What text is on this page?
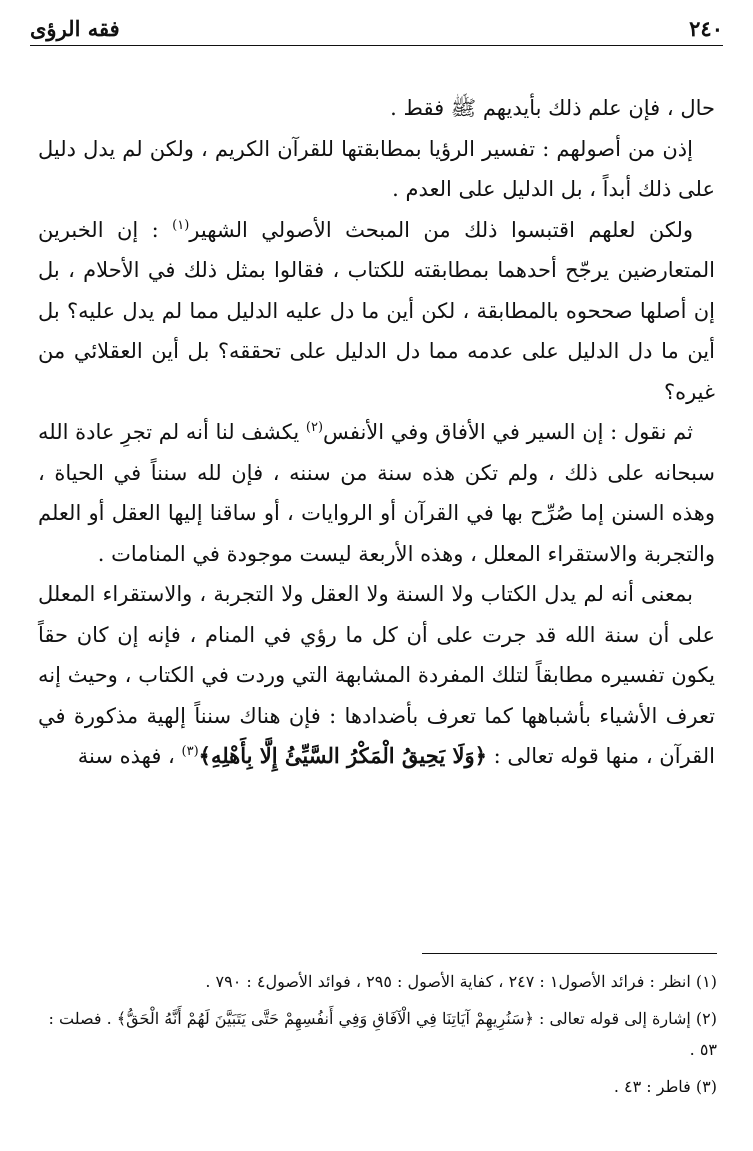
٢٤٠
فقه الرؤى

حال ، فإن علم ذلك بأيديهم ﷺ فقط .

إذن من أصولهم : تفسير الرؤيا بمطابقتها للقرآن الكريم ، ولكن لم يدل دليل على ذلك أبداً ، بل الدليل على العدم .

ولكن لعلهم اقتبسوا ذلك من المبحث الأصولي الشهير$^{(١)}$ : إن الخبرين المتعارضين يرجّح أحدهما بمطابقته للكتاب ، فقالوا بمثل ذلك في الأحلام ، بل إن أصلها صححوه بالمطابقة ، لكن أين ما دل عليه الدليل مما لم يدل عليه؟ بل أين ما دل الدليل على عدمه مما دل الدليل على تحققه؟ بل أين العقلائي من غيره؟

ثم نقول : إن السير في الأفاق وفي الأنفس$^{(٢)}$ يكشف لنا أنه لم تجرِ عادة الله سبحانه على ذلك ، ولم تكن هذه سنة من سننه ، فإن لله سنناً في الحياة ، وهذه السنن إما صُرِّح بها في القرآن أو الروايات ، أو ساقنا إليها العقل أو العلم والتجربة والاستقراء المعلل ، وهذه الأربعة ليست موجودة في المنامات .

بمعنى أنه لم يدل الكتاب ولا السنة ولا العقل ولا التجربة ، والاستقراء المعلل على أن سنة الله قد جرت على أن كل ما رؤي في المنام ، فإنه إن كان حقاً يكون تفسيره مطابقاً لتلك المفردة المشابهة التي وردت في الكتاب ، وحيث إنه تعرف الأشياء بأشباهها كما تعرف بأضدادها : فإن هناك سنناً إلهية مذكورة في القرآن ، منها قوله تعالى : ﴿وَلَا يَحِيقُ الْمَكْرُ السَّيِّئُ إِلَّا بِأَهْلِهِ﴾$^{(٣)}$ ، فهذه سنة

(١) انظر : فرائد الأصول١ : ٢٤٧ ، كفاية الأصول : ٢٩٥ ، فوائد الأصول٤ : ٧٩٠ .

(٢) إشارة إلى قوله تعالى : ﴿سَنُرِيهِمْ آيَاتِنَا فِي الْآفَاقِ وَفِي أَنفُسِهِمْ حَتَّى يَتَبَيَّنَ لَهُمْ أَنَّهُ الْحَقُّ﴾ . فصلت : ٥٣ .

(٣) فاطر : ٤٣ .
